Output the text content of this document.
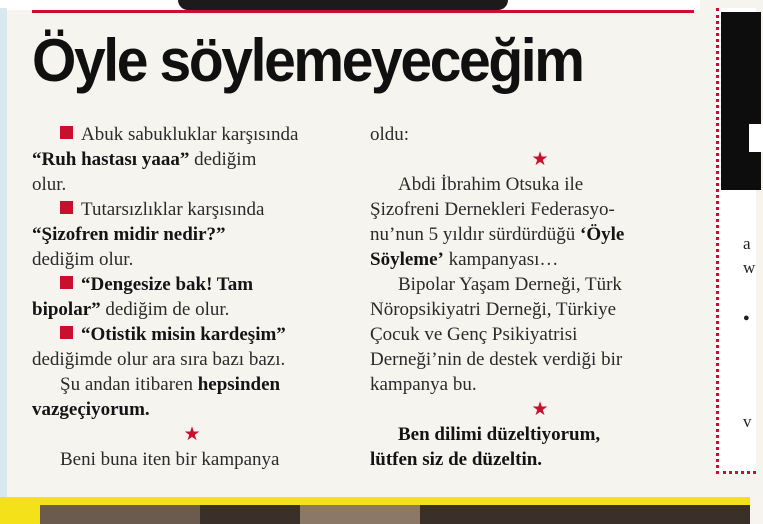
a
w
●
v
Öyle söylemeyeceğim
Abuk sabukluklar karşısında
“Ruh hastası yaaa” dediğim
olur.
Tutarsızlıklar karşısında
“Şizofren midir nedir?”
dediğim olur.
“Dengesize bak! Tam
bipolar” dediğim de olur.
“Otistik misin kardeşim”
dediğimde olur ara sıra bazı bazı.
Şu andan itibaren hepsinden
vazgeçiyorum.
★
Beni buna iten bir kampanya
oldu:
★
Abdi İbrahim Otsuka ile
Şizofreni Dernekleri Federasyo-
nu’nun 5 yıldır sürdürdüğü ‘Öyle
Söyleme’ kampanyası…
Bipolar Yaşam Derneği, Türk
Nöropsikiyatri Derneği, Türkiye
Çocuk ve Genç Psikiyatrisi
Derneği’nin de destek verdiği bir
kampanya bu.
★
Ben dilimi düzeltiyorum,
lütfen siz de düzeltin.
